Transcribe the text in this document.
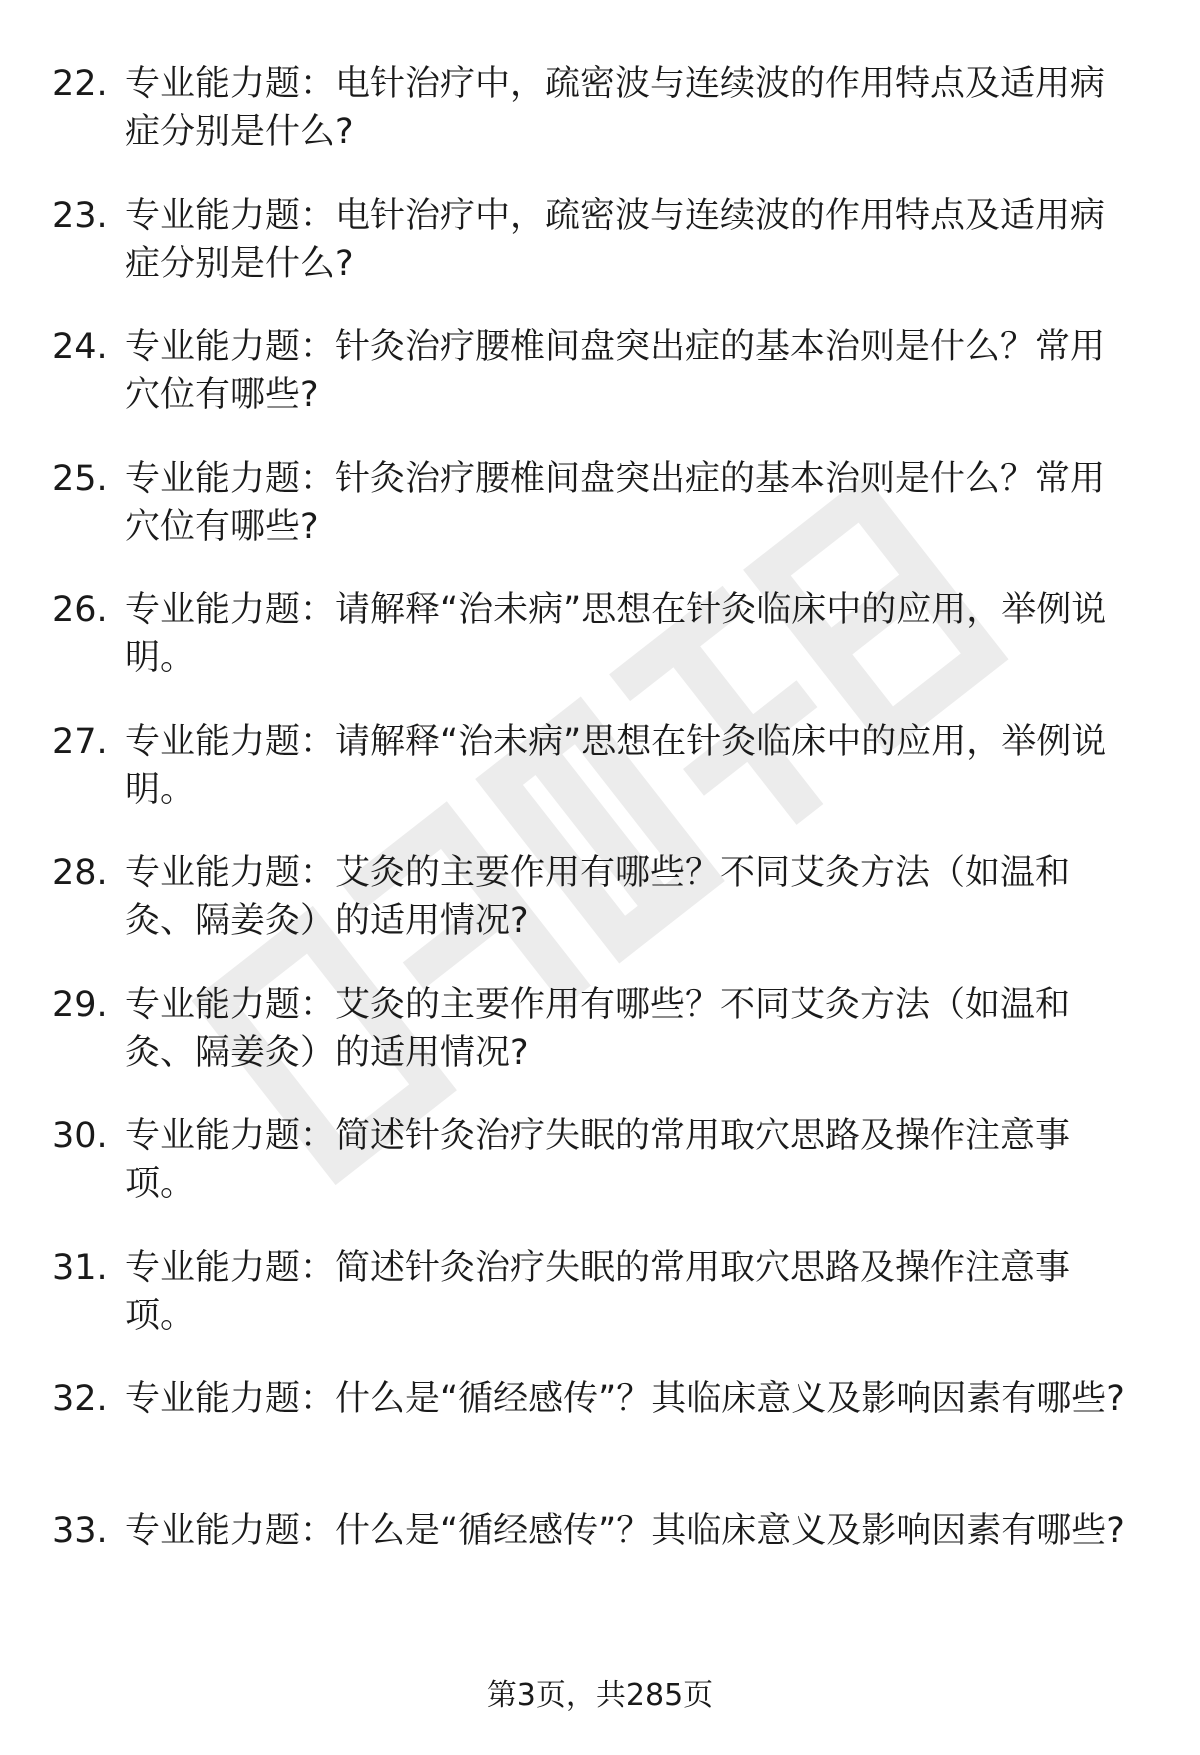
22. 专业能力题：电针治疗中，疏密波与连续波的作用特点及适用病症分别是什么?
23. 专业能力题：电针治疗中，疏密波与连续波的作用特点及适用病症分别是什么?
24. 专业能力题：针灸治疗腰椎间盘突出症的基本治则是什么？常用穴位有哪些?
25. 专业能力题：针灸治疗腰椎间盘突出症的基本治则是什么？常用穴位有哪些?
26. 专业能力题：请解释“治未病”思想在针灸临床中的应用，举例说明。
27. 专业能力题：请解释“治未病”思想在针灸临床中的应用，举例说明。
28. 专业能力题：艾灸的主要作用有哪些？不同艾灸方法（如温和灸、隔姜灸）的适用情况?
29. 专业能力题：艾灸的主要作用有哪些？不同艾灸方法（如温和灸、隔姜灸）的适用情况?
30. 专业能力题：简述针灸治疗失眠的常用取穴思路及操作注意事项。
31. 专业能力题：简述针灸治疗失眠的常用取穴思路及操作注意事项。
32. 专业能力题：什么是“循经感传”？其临床意义及影响因素有哪些?
33. 专业能力题：什么是“循经感传”？其临床意义及影响因素有哪些?
第3页，共285页
